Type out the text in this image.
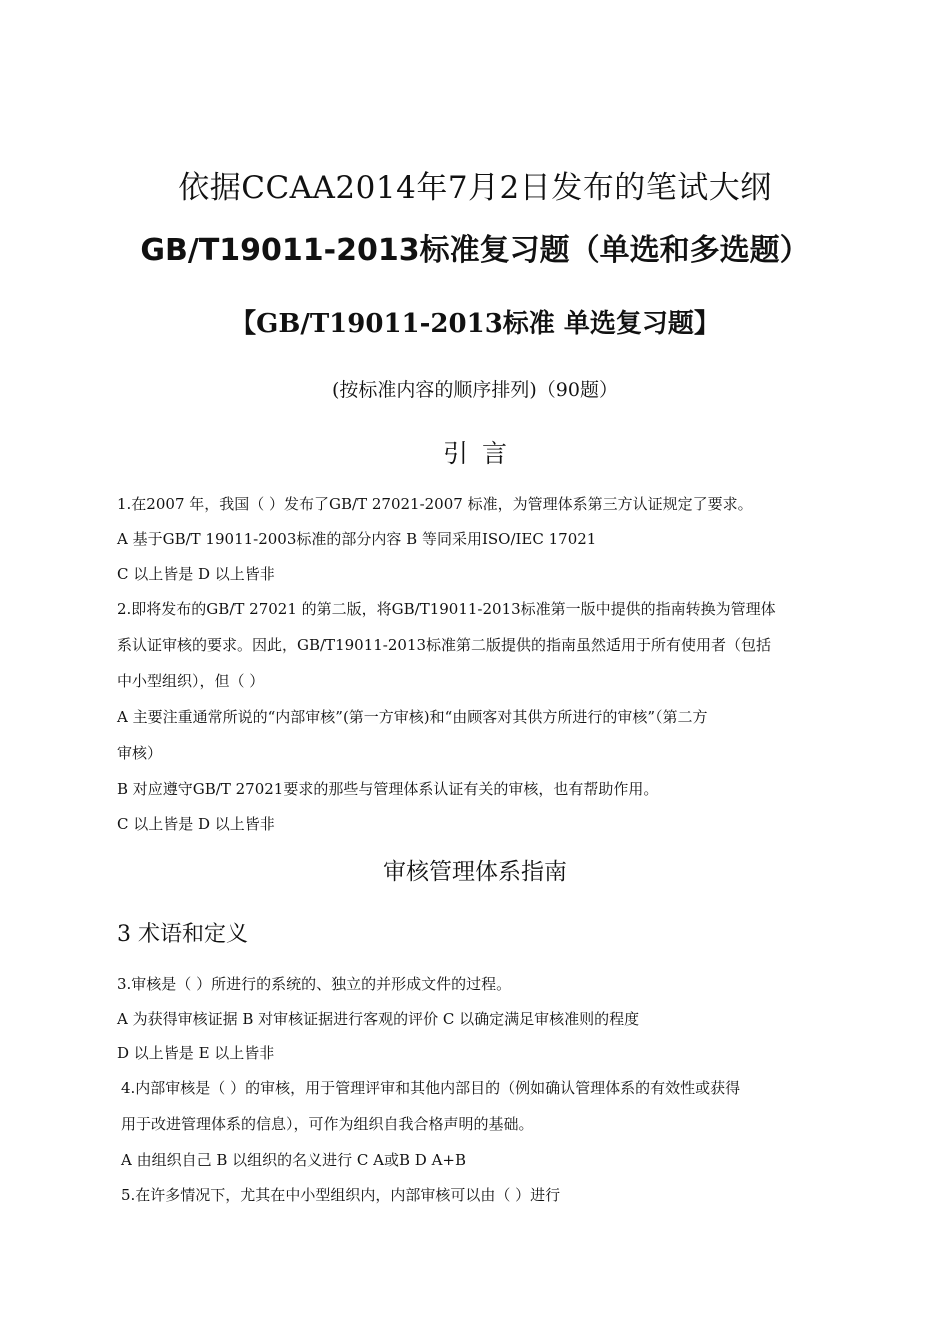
依据CCAA2014年7月2日发布的笔试大纲
GB/T19011-2013标准复习题（单选和多选题）
【GB/T19011-2013标准 单选复习题】
(按标准内容的顺序排列)（90题）
引言
1.在2007 年，我国（ ）发布了GB/T 27021-2007 标准，为管理体系第三方认证规定了要求。
A 基于GB/T 19011-2003标准的部分内容 B 等同采用ISO/IEC 17021
C 以上皆是 D 以上皆非
2.即将发布的GB/T 27021 的第二版，将GB/T19011-2013标准第一版中提供的指南转换为管理体
系认证审核的要求。因此，GB/T19011-2013标准第二版提供的指南虽然适用于所有使用者（包括
中小型组织），但（ ）
A 主要注重通常所说的“内部审核”(第一方审核)和“由顾客对其供方所进行的审核”（第二方
审核）
B 对应遵守GB/T 27021要求的那些与管理体系认证有关的审核，也有帮助作用。
C 以上皆是 D 以上皆非
审核管理体系指南
3 术语和定义
3.审核是（ ）所进行的系统的、独立的并形成文件的过程。
A 为获得审核证据 B 对审核证据进行客观的评价 C 以确定满足审核准则的程度
D 以上皆是 E 以上皆非
4.内部审核是（ ）的审核，用于管理评审和其他内部目的（例如确认管理体系的有效性或获得
用于改进管理体系的信息），可作为组织自我合格声明的基础。
A 由组织自己 B 以组织的名义进行 C A或B D A+B
5.在许多情况下，尤其在中小型组织内，内部审核可以由（ ）进行
